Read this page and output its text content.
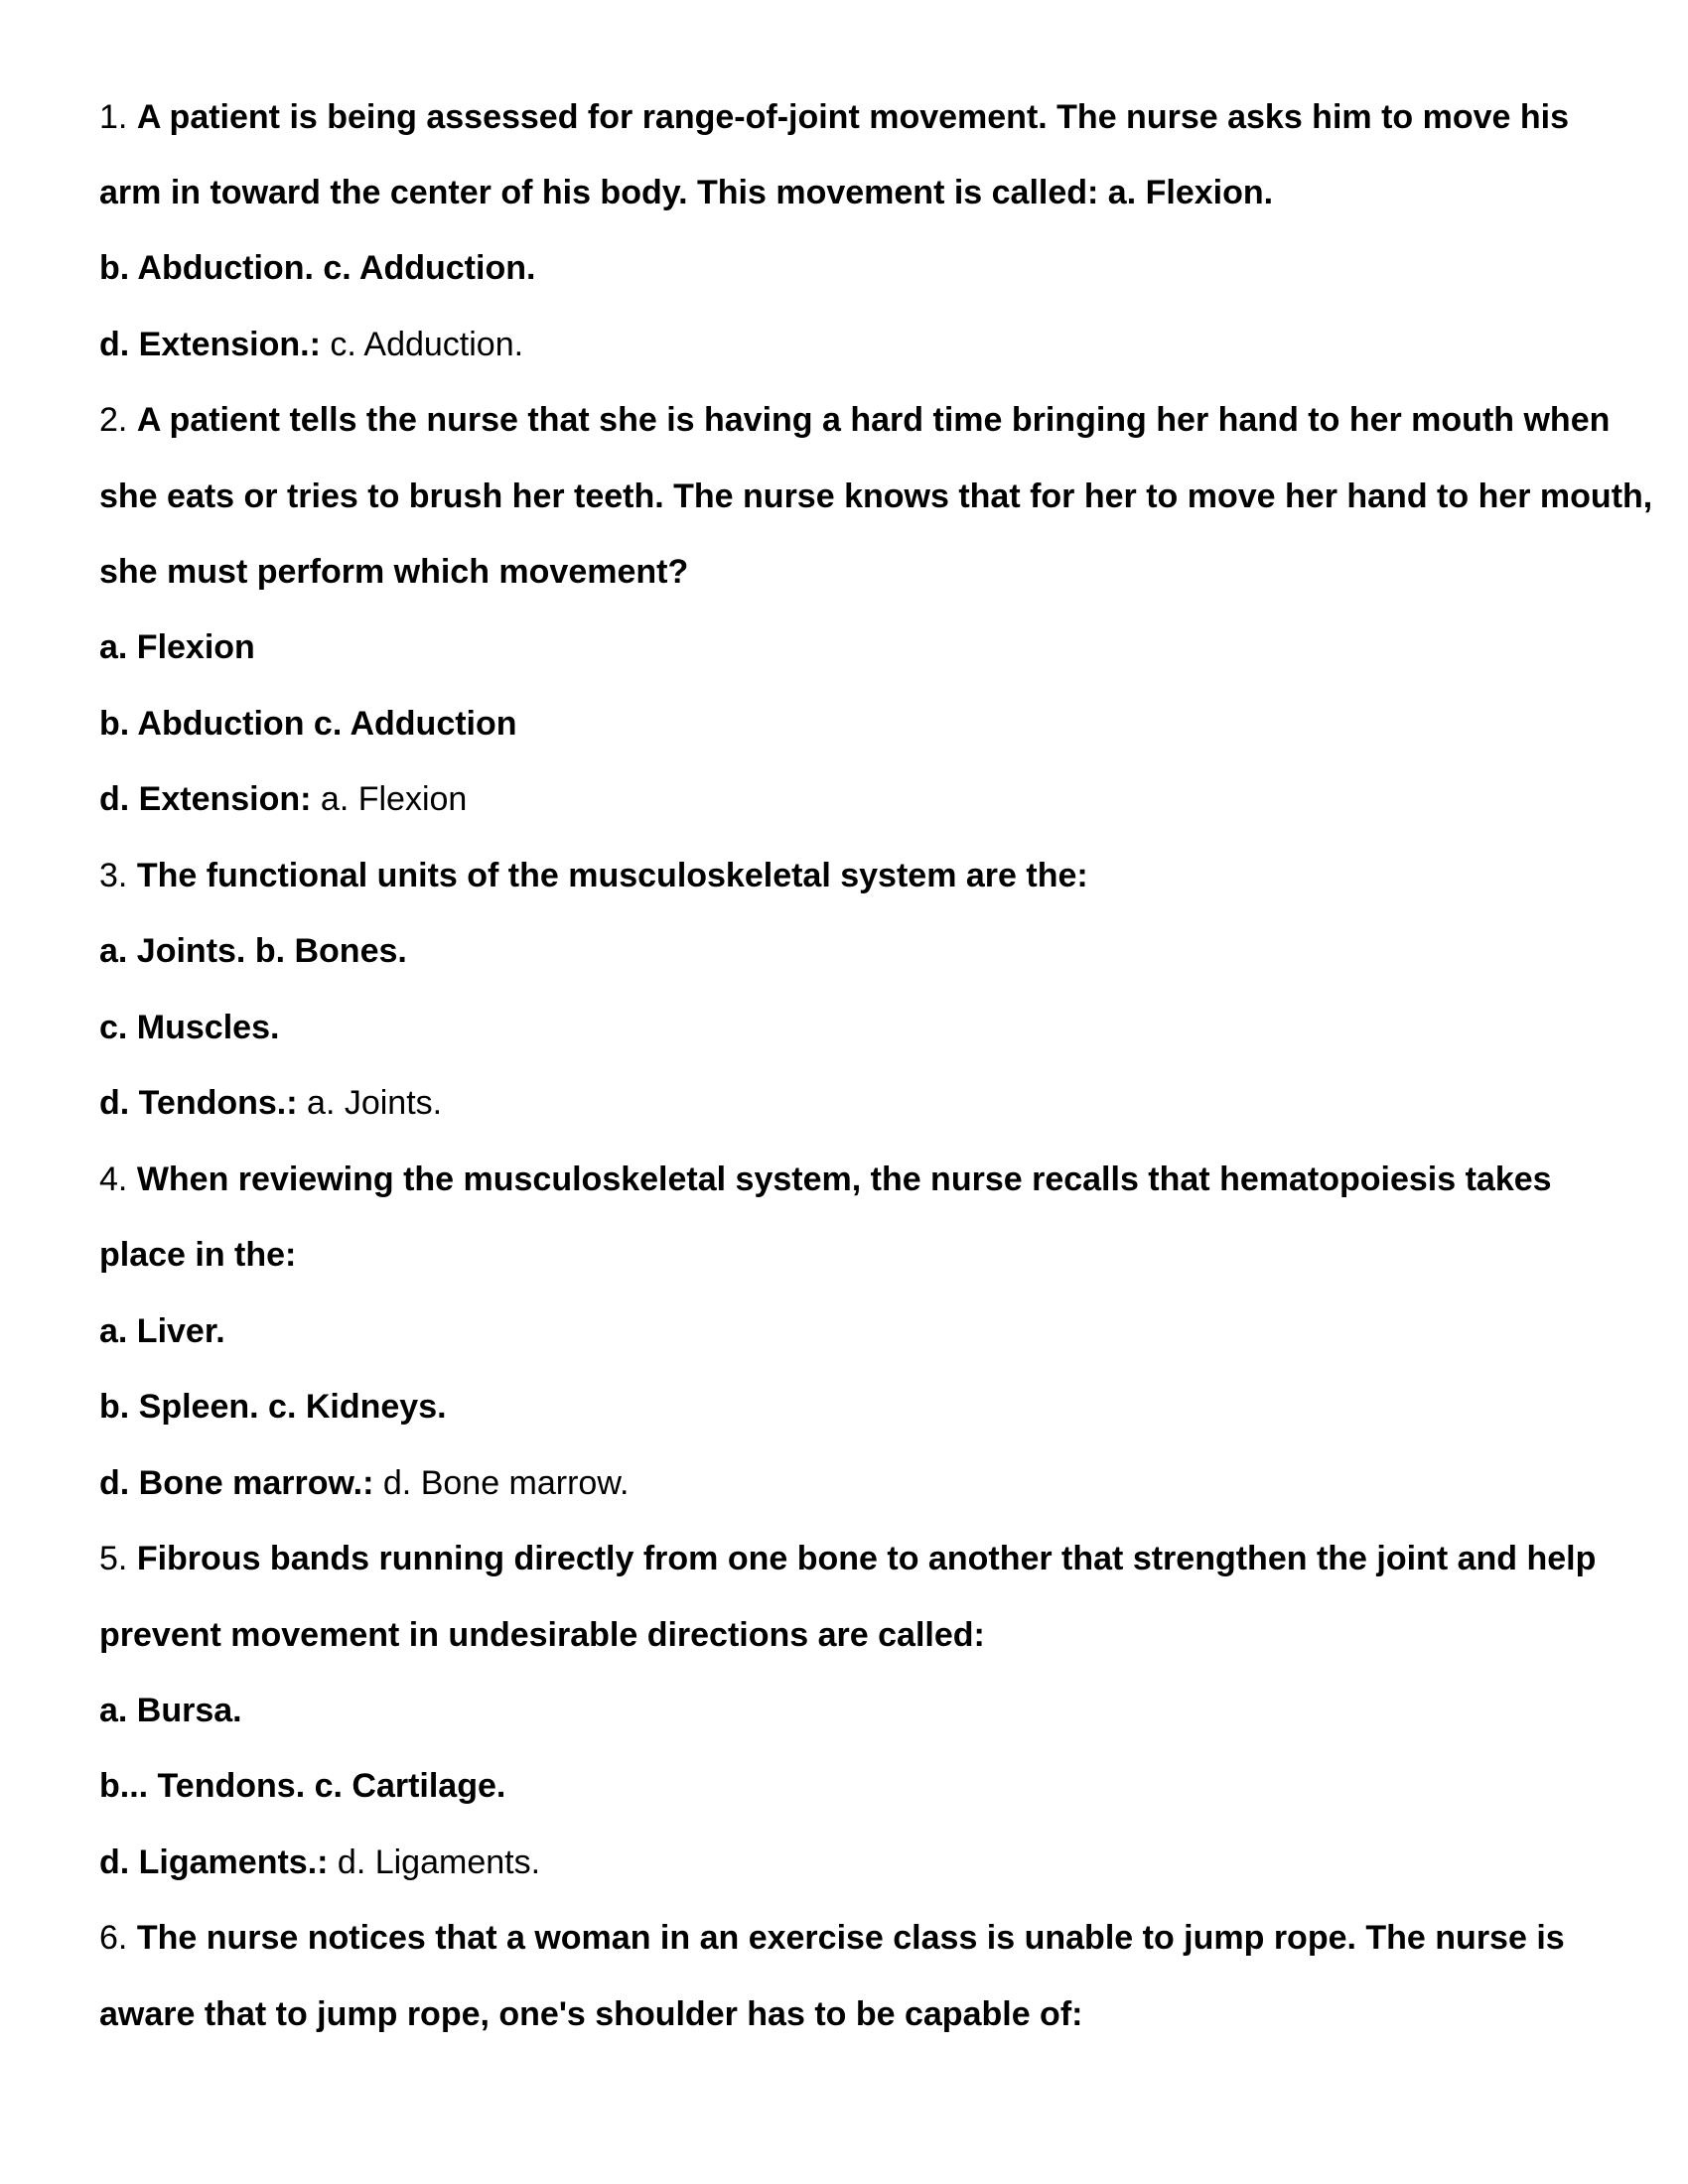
1. A patient is being assessed for range-of-joint movement. The nurse asks him to move his
arm in toward the center of his body. This movement is called: a. Flexion.
b. Abduction. c. Adduction.
d. Extension.: c. Adduction.
2. A patient tells the nurse that she is having a hard time bringing her hand to her mouth when
she eats or tries to brush her teeth. The nurse knows that for her to move her hand to her mouth,
she must perform which movement?
a. Flexion
b. Abduction c. Adduction
d. Extension: a. Flexion
3. The functional units of the musculoskeletal system are the:
a. Joints. b. Bones.
c. Muscles.
d. Tendons.: a. Joints.
4. When reviewing the musculoskeletal system, the nurse recalls that hematopoiesis takes
place in the:
a. Liver.
b. Spleen. c. Kidneys.
d. Bone marrow.: d. Bone marrow.
5. Fibrous bands running directly from one bone to another that strengthen the joint and help
prevent movement in undesirable directions are called:
a. Bursa.
b... Tendons. c. Cartilage.
d. Ligaments.: d. Ligaments.
6. The nurse notices that a woman in an exercise class is unable to jump rope. The nurse is
aware that to jump rope, one's shoulder has to be capable of:
